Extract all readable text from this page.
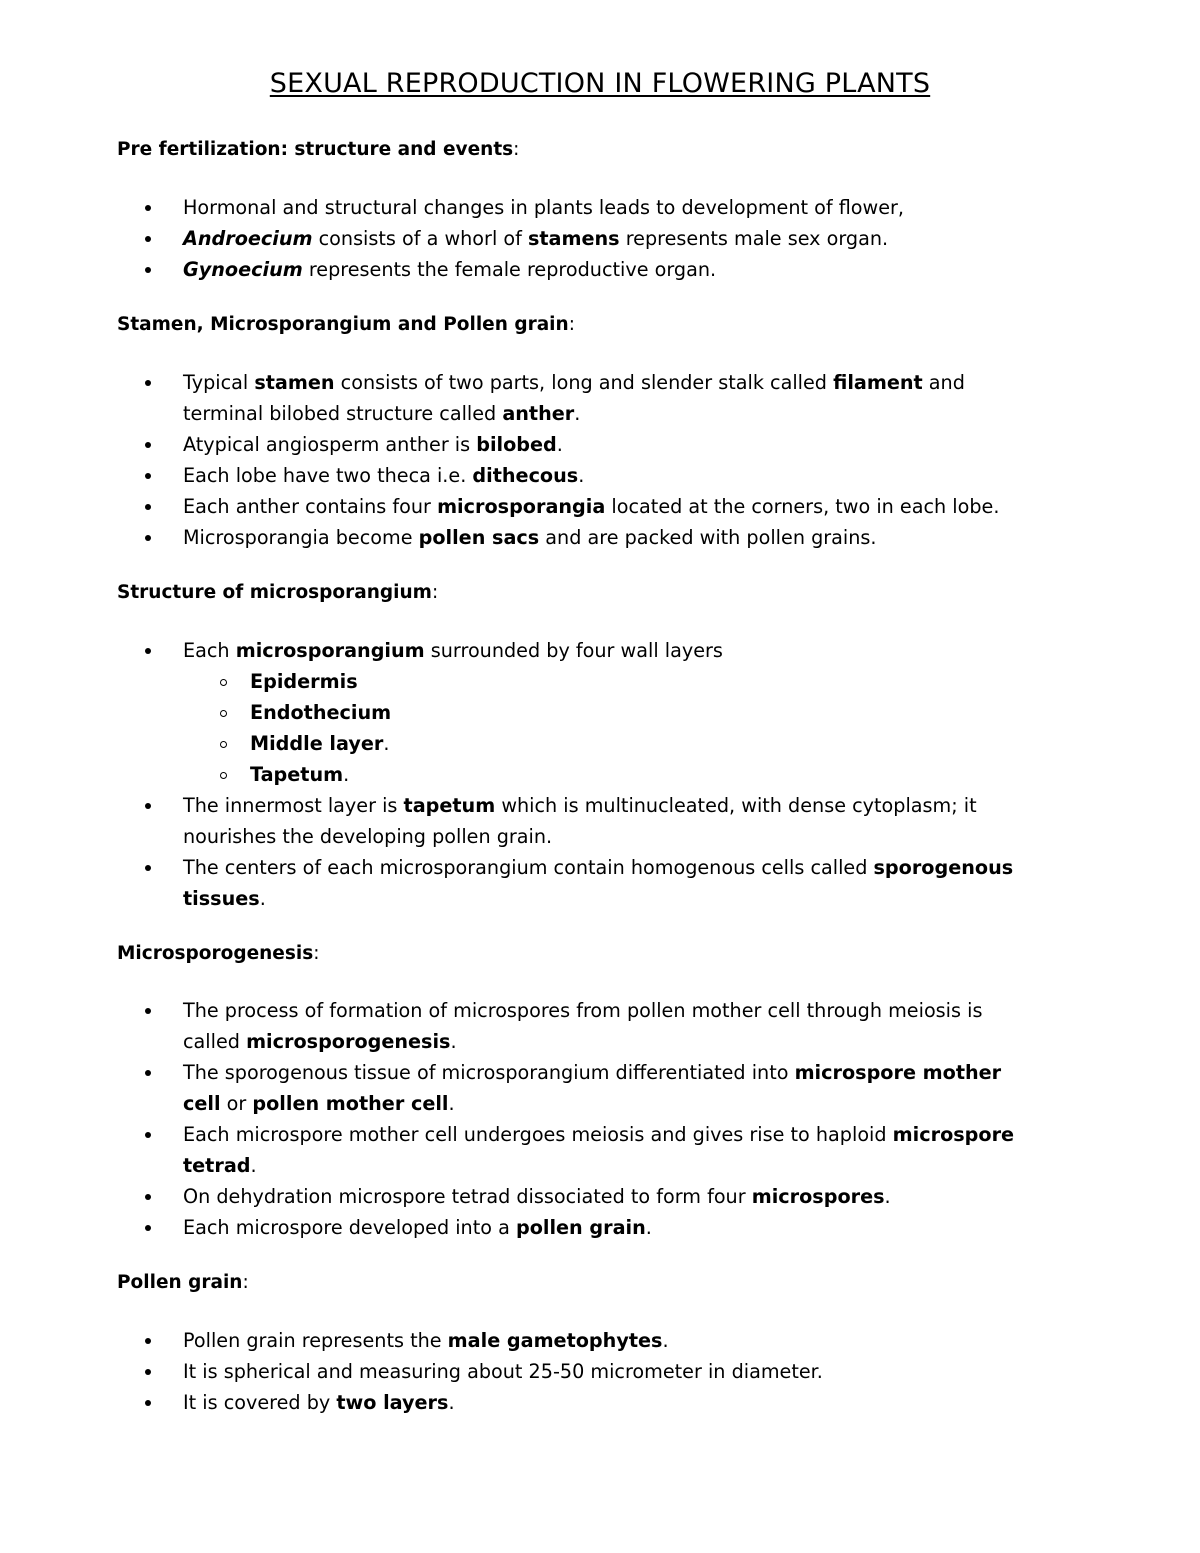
SEXUAL REPRODUCTION IN FLOWERING PLANTS
Pre fertilization: structure and events:
Hormonal and structural changes in plants leads to development of flower,
Androecium consists of a whorl of stamens represents male sex organ.
Gynoecium represents the female reproductive organ.
Stamen, Microsporangium and Pollen grain:
Typical stamen consists of two parts, long and slender stalk called filament and
terminal bilobed structure called anther.
Atypical angiosperm anther is bilobed.
Each lobe have two theca i.e. dithecous.
Each anther contains four microsporangia located at the corners, two in each lobe.
Microsporangia become pollen sacs and are packed with pollen grains.
Structure of microsporangium:
Each microsporangium surrounded by four wall layers
Epidermis
Endothecium
Middle layer.
Tapetum.
The innermost layer is tapetum which is multinucleated, with dense cytoplasm; it
nourishes the developing pollen grain.
The centers of each microsporangium contain homogenous cells called sporogenous
tissues.
Microsporogenesis:
The process of formation of microspores from pollen mother cell through meiosis is
called microsporogenesis.
The sporogenous tissue of microsporangium differentiated into microspore mother
cell or pollen mother cell.
Each microspore mother cell undergoes meiosis and gives rise to haploid microspore
tetrad.
On dehydration microspore tetrad dissociated to form four microspores.
Each microspore developed into a pollen grain.
Pollen grain:
Pollen grain represents the male gametophytes.
It is spherical and measuring about 25-50 micrometer in diameter.
It is covered by two layers.
